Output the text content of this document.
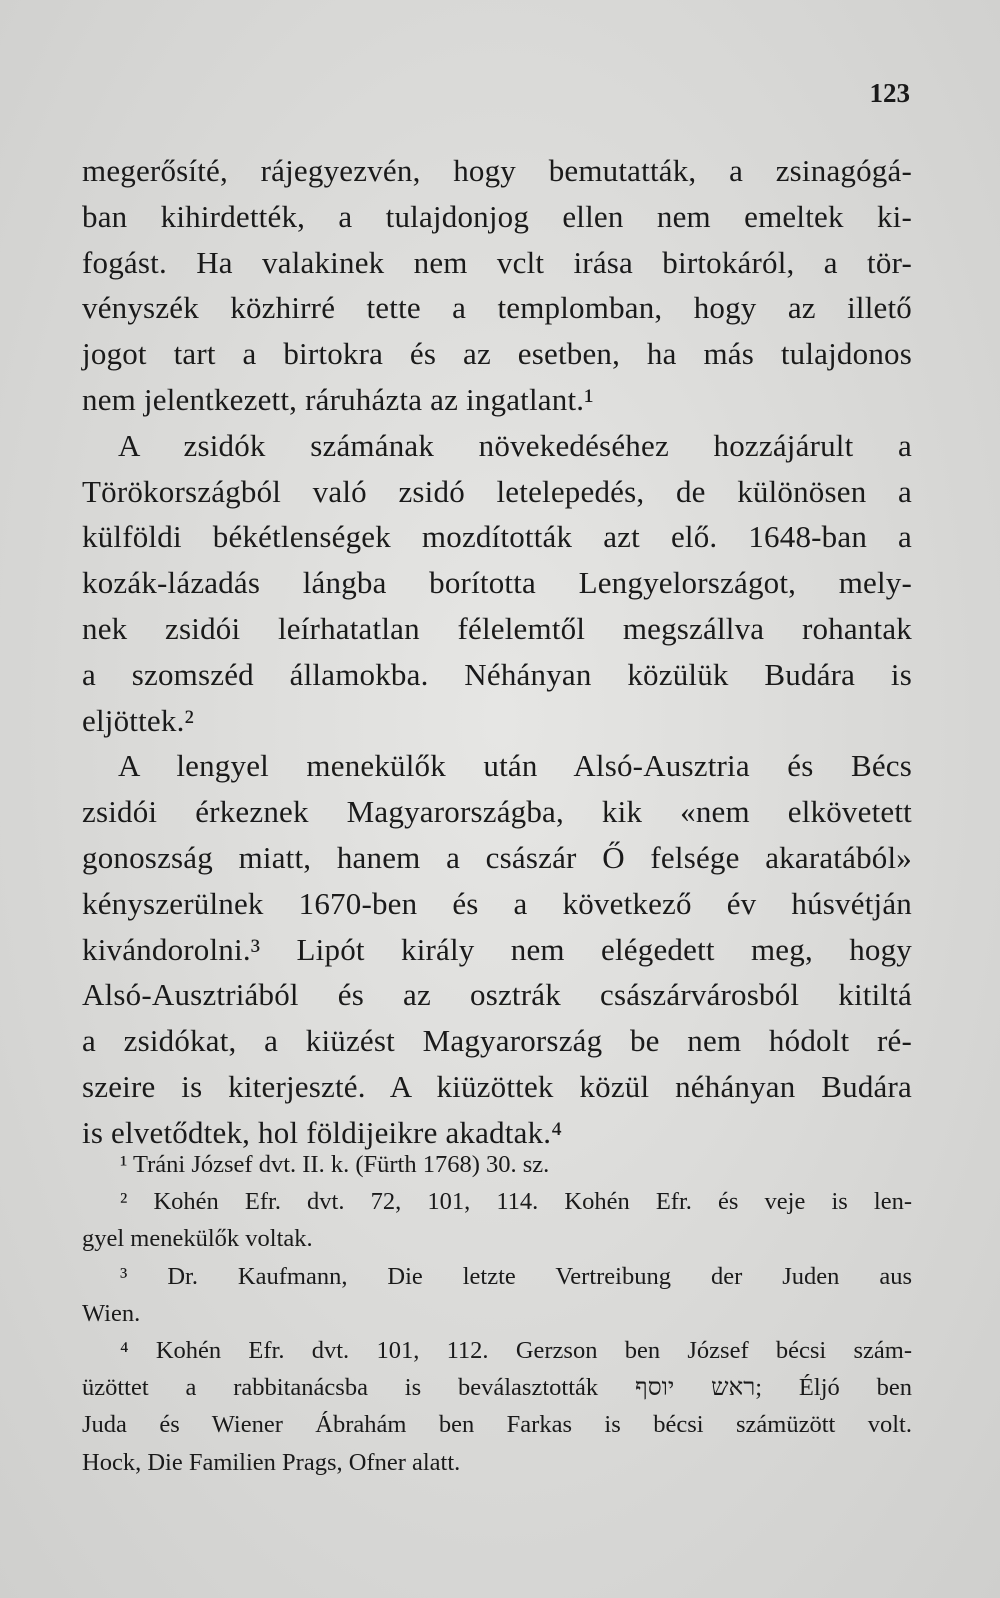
123
megerősíté, rájegyezvén, hogy bemutatták, a zsinagógá-
ban kihirdették, a tulajdonjog ellen nem emeltek ki-
fogást. Ha valakinek nem vclt irása birtokáról, a tör-
vényszék közhirré tette a templomban, hogy az illető
jogot tart a birtokra és az esetben, ha más tulajdonos
nem jelentkezett, ráruházta az ingatlant.¹
A zsidók számának növekedéséhez hozzájárult a
Törökországból való zsidó letelepedés, de különösen a
külföldi békétlenségek mozdították azt elő. 1648-ban a
kozák-lázadás lángba borította Lengyelországot, mely-
nek zsidói leírhatatlan félelemtől megszállva rohantak
a szomszéd államokba. Néhányan közülük Budára is
eljöttek.²
A lengyel menekülők után Alsó-Ausztria és Bécs
zsidói érkeznek Magyarországba, kik «nem elkövetett
gonoszság miatt, hanem a császár Ő felsége akaratából»
kényszerülnek 1670-ben és a következő év húsvétján
kivándorolni.³ Lipót király nem elégedett meg, hogy
Alsó-Ausztriából és az osztrák császárvárosból kitiltá
a zsidókat, a kiüzést Magyarország be nem hódolt ré-
szeire is kiterjeszté. A kiüzöttek közül néhányan Budára
is elvetődtek, hol földijeikre akadtak.⁴
¹ Tráni József dvt. II. k. (Fürth 1768) 30. sz.
² Kohén Efr. dvt. 72, 101, 114. Kohén Efr. és veje is len-
gyel menekülők voltak.
³ Dr. Kaufmann, Die letzte Vertreibung der Juden aus
Wien.
⁴ Kohén Efr. dvt. 101, 112. Gerzson ben József bécsi szám-
üzöttet a rabbitanácsba is beválasztották ראש יוסף; Éljó ben
Juda és Wiener Ábrahám ben Farkas is bécsi számüzött volt.
Hock, Die Familien Prags, Ofner alatt.
